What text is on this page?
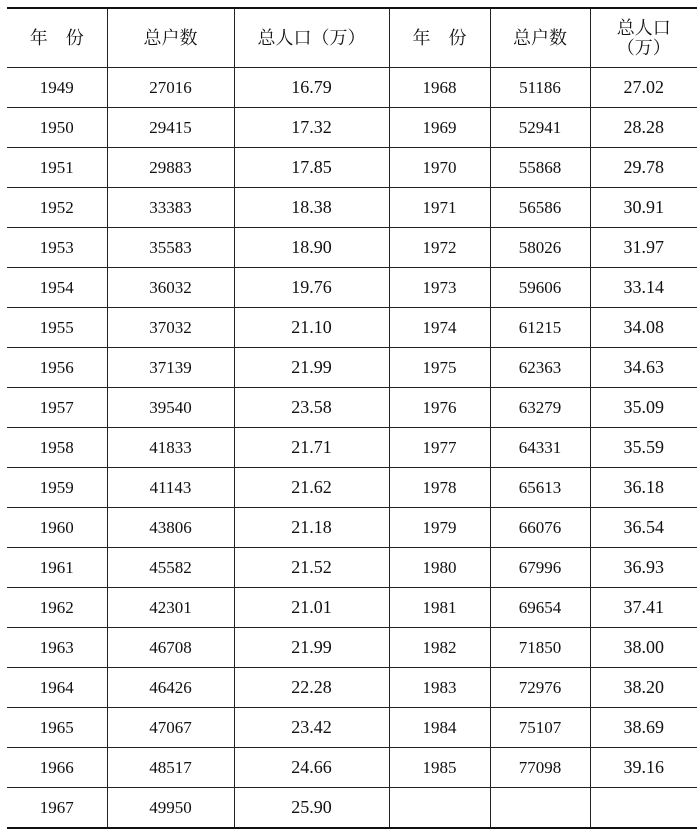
年　份	总户数	总人口（万）	年　份	总户数	总人口
（万）
1949	27016	16.79	1968	51186	27.02
1950	29415	17.32	1969	52941	28.28
1951	29883	17.85	1970	55868	29.78
1952	33383	18.38	1971	56586	30.91
1953	35583	18.90	1972	58026	31.97
1954	36032	19.76	1973	59606	33.14
1955	37032	21.10	1974	61215	34.08
1956	37139	21.99	1975	62363	34.63
1957	39540	23.58	1976	63279	35.09
1958	41833	21.71	1977	64331	35.59
1959	41143	21.62	1978	65613	36.18
1960	43806	21.18	1979	66076	36.54
1961	45582	21.52	1980	67996	36.93
1962	42301	21.01	1981	69654	37.41
1963	46708	21.99	1982	71850	38.00
1964	46426	22.28	1983	72976	38.20
1965	47067	23.42	1984	75107	38.69
1966	48517	24.66	1985	77098	39.16
1967	49950	25.90			
